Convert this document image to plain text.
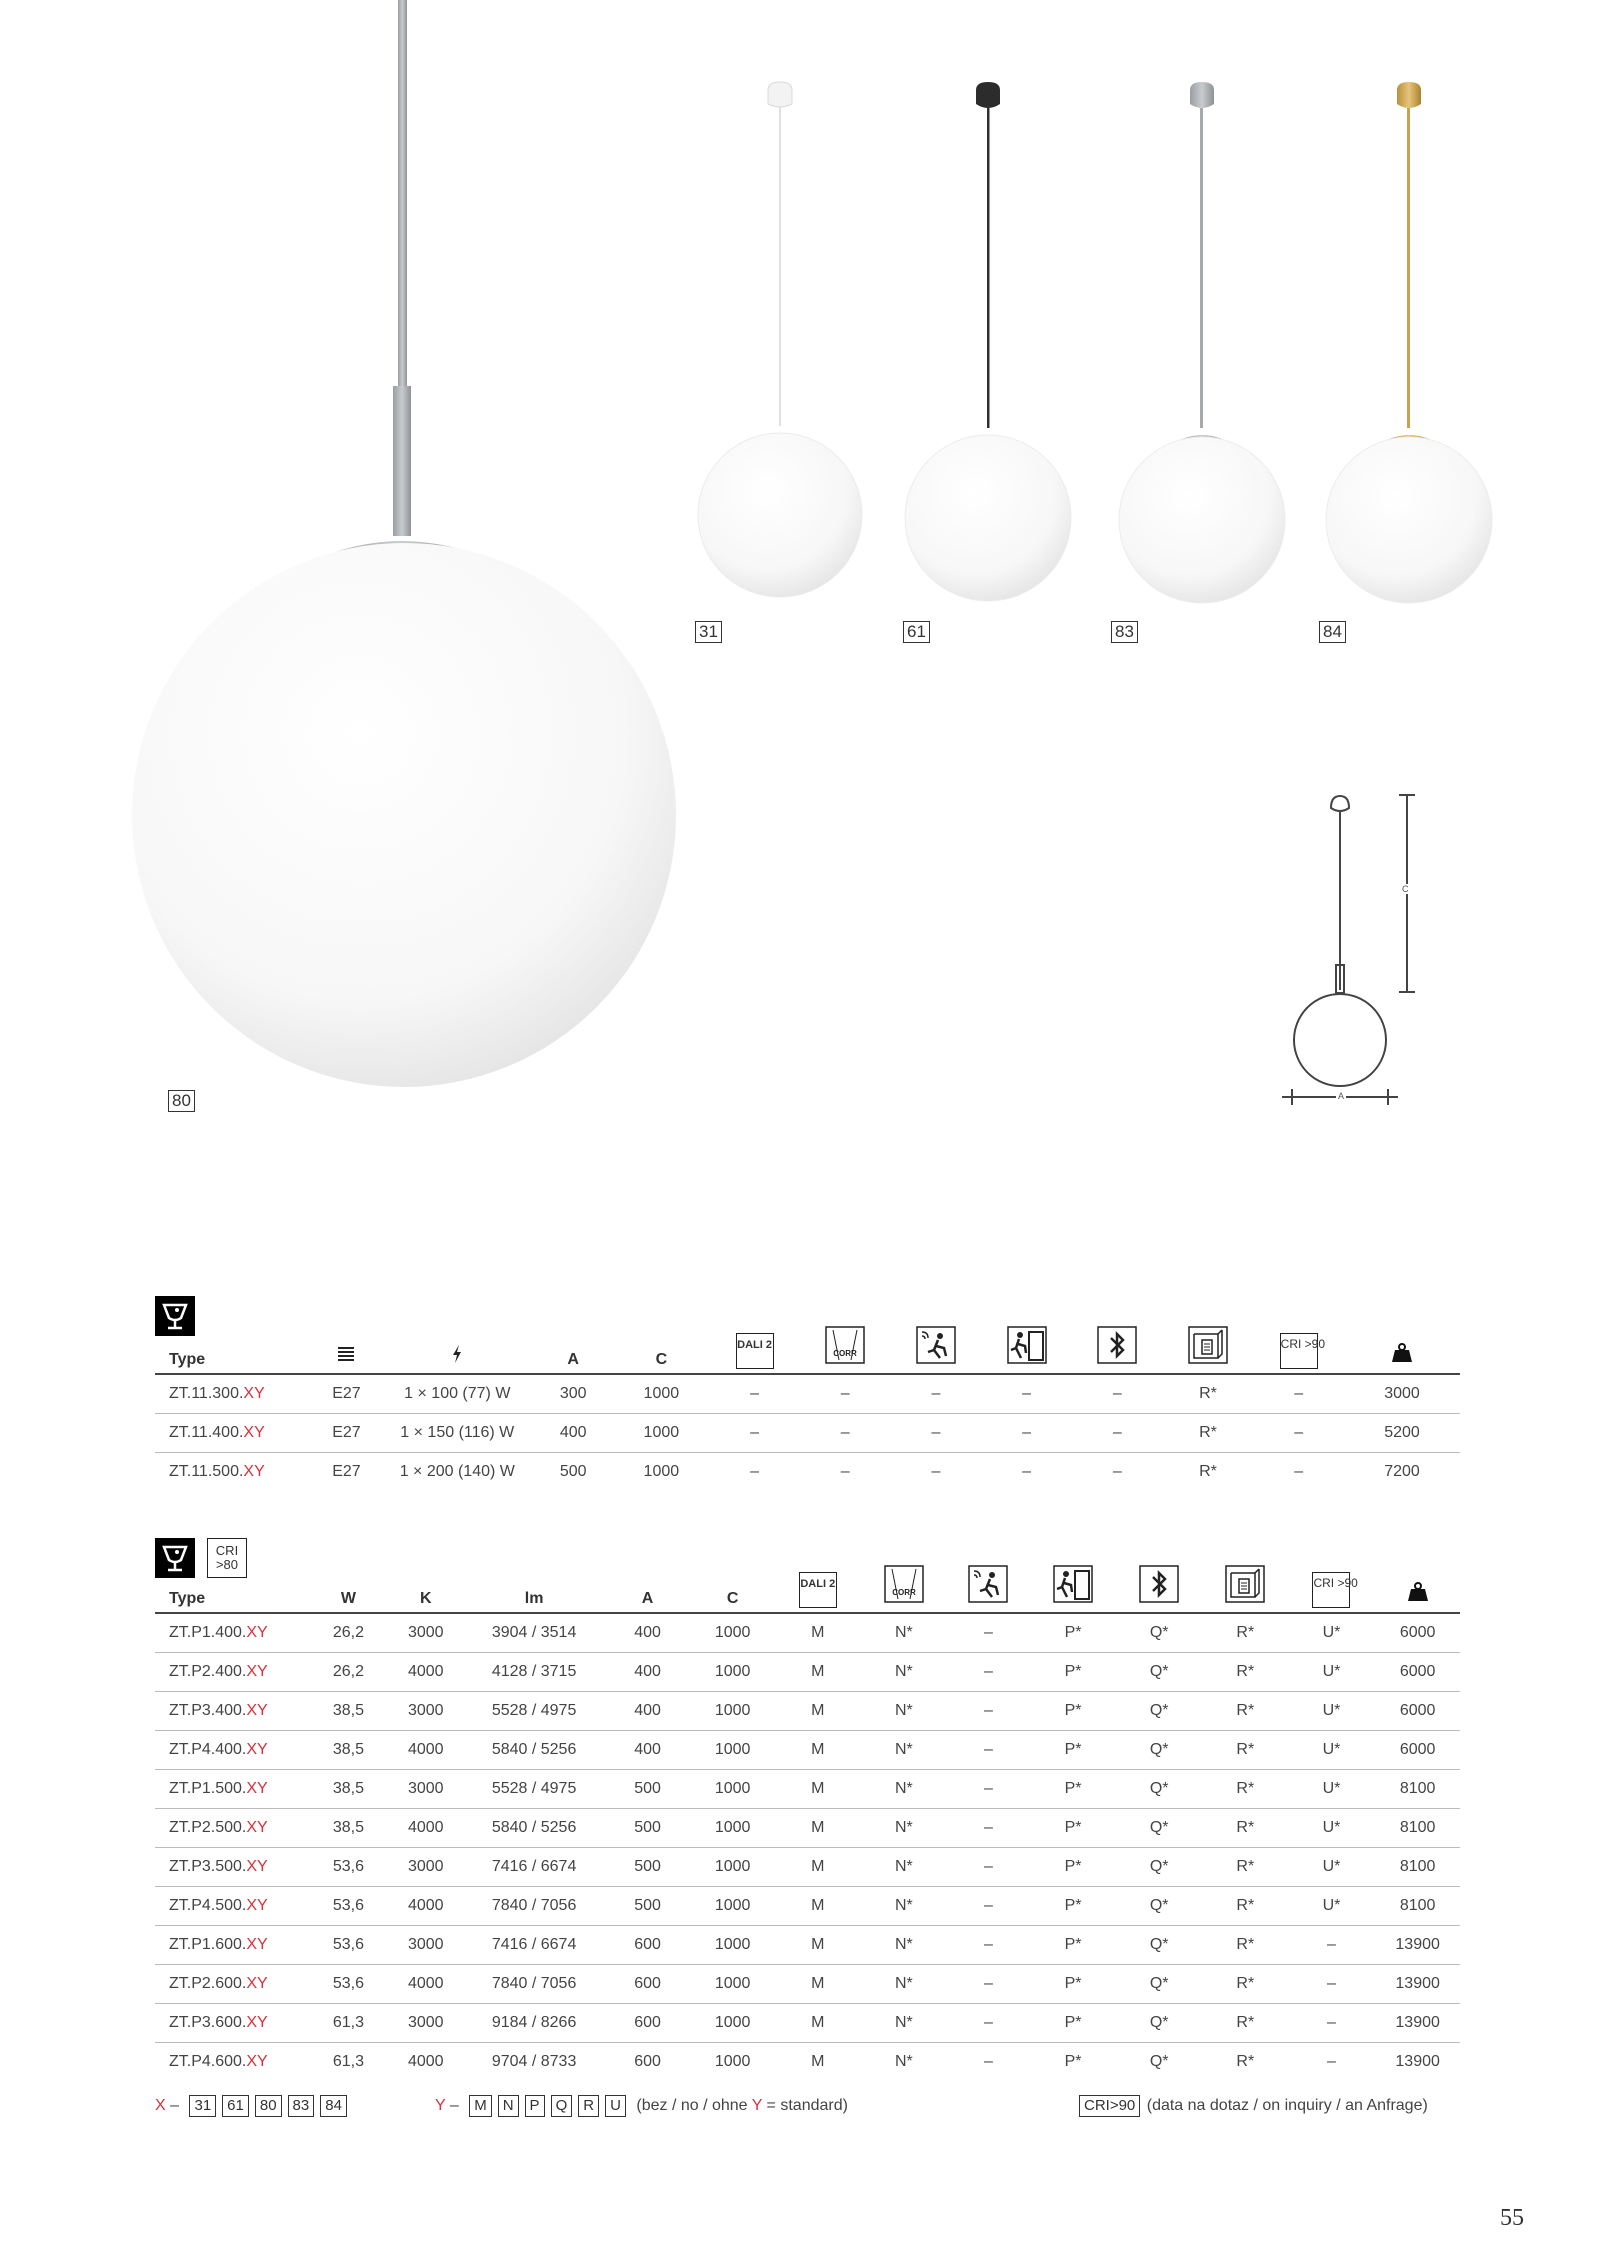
C
A
80
31	61	83	84
Type			A	C	DALI 2	CORR					CRI >90	
ZT.11.300.XY	E27	1 × 100 (77) W	300	1000	–	–	–	–	–	R*	–	3000
ZT.11.400.XY	E27	1 × 150 (116) W	400	1000	–	–	–	–	–	R*	–	5200
ZT.11.500.XY	E27	1 × 200 (140) W	500	1000	–	–	–	–	–	R*	–	7200
CRI >80
Type	W	K	lm	A	C	DALI 2	CORR					CRI >90	
ZT.P1.400.XY	26,2	3000	3904 / 3514	400	1000	M	N*	–	P*	Q*	R*	U*	6000
ZT.P2.400.XY	26,2	4000	4128 / 3715	400	1000	M	N*	–	P*	Q*	R*	U*	6000
ZT.P3.400.XY	38,5	3000	5528 / 4975	400	1000	M	N*	–	P*	Q*	R*	U*	6000
ZT.P4.400.XY	38,5	4000	5840 / 5256	400	1000	M	N*	–	P*	Q*	R*	U*	6000
ZT.P1.500.XY	38,5	3000	5528 / 4975	500	1000	M	N*	–	P*	Q*	R*	U*	8100
ZT.P2.500.XY	38,5	4000	5840 / 5256	500	1000	M	N*	–	P*	Q*	R*	U*	8100
ZT.P3.500.XY	53,6	3000	7416 / 6674	500	1000	M	N*	–	P*	Q*	R*	U*	8100
ZT.P4.500.XY	53,6	4000	7840 / 7056	500	1000	M	N*	–	P*	Q*	R*	U*	8100
ZT.P1.600.XY	53,6	3000	7416 / 6674	600	1000	M	N*	–	P*	Q*	R*	–	13900
ZT.P2.600.XY	53,6	4000	7840 / 7056	600	1000	M	N*	–	P*	Q*	R*	–	13900
ZT.P3.600.XY	61,3	3000	9184 / 8266	600	1000	M	N*	–	P*	Q*	R*	–	13900
ZT.P4.600.XY	61,3	4000	9704 / 8733	600	1000	M	N*	–	P*	Q*	R*	–	13900
X – 31 61 80 83 84	Y – M N P Q R U (bez / no / ohne Y = standard)	CRI>90 (data na dotaz / on inquiry / an Anfrage)
55
